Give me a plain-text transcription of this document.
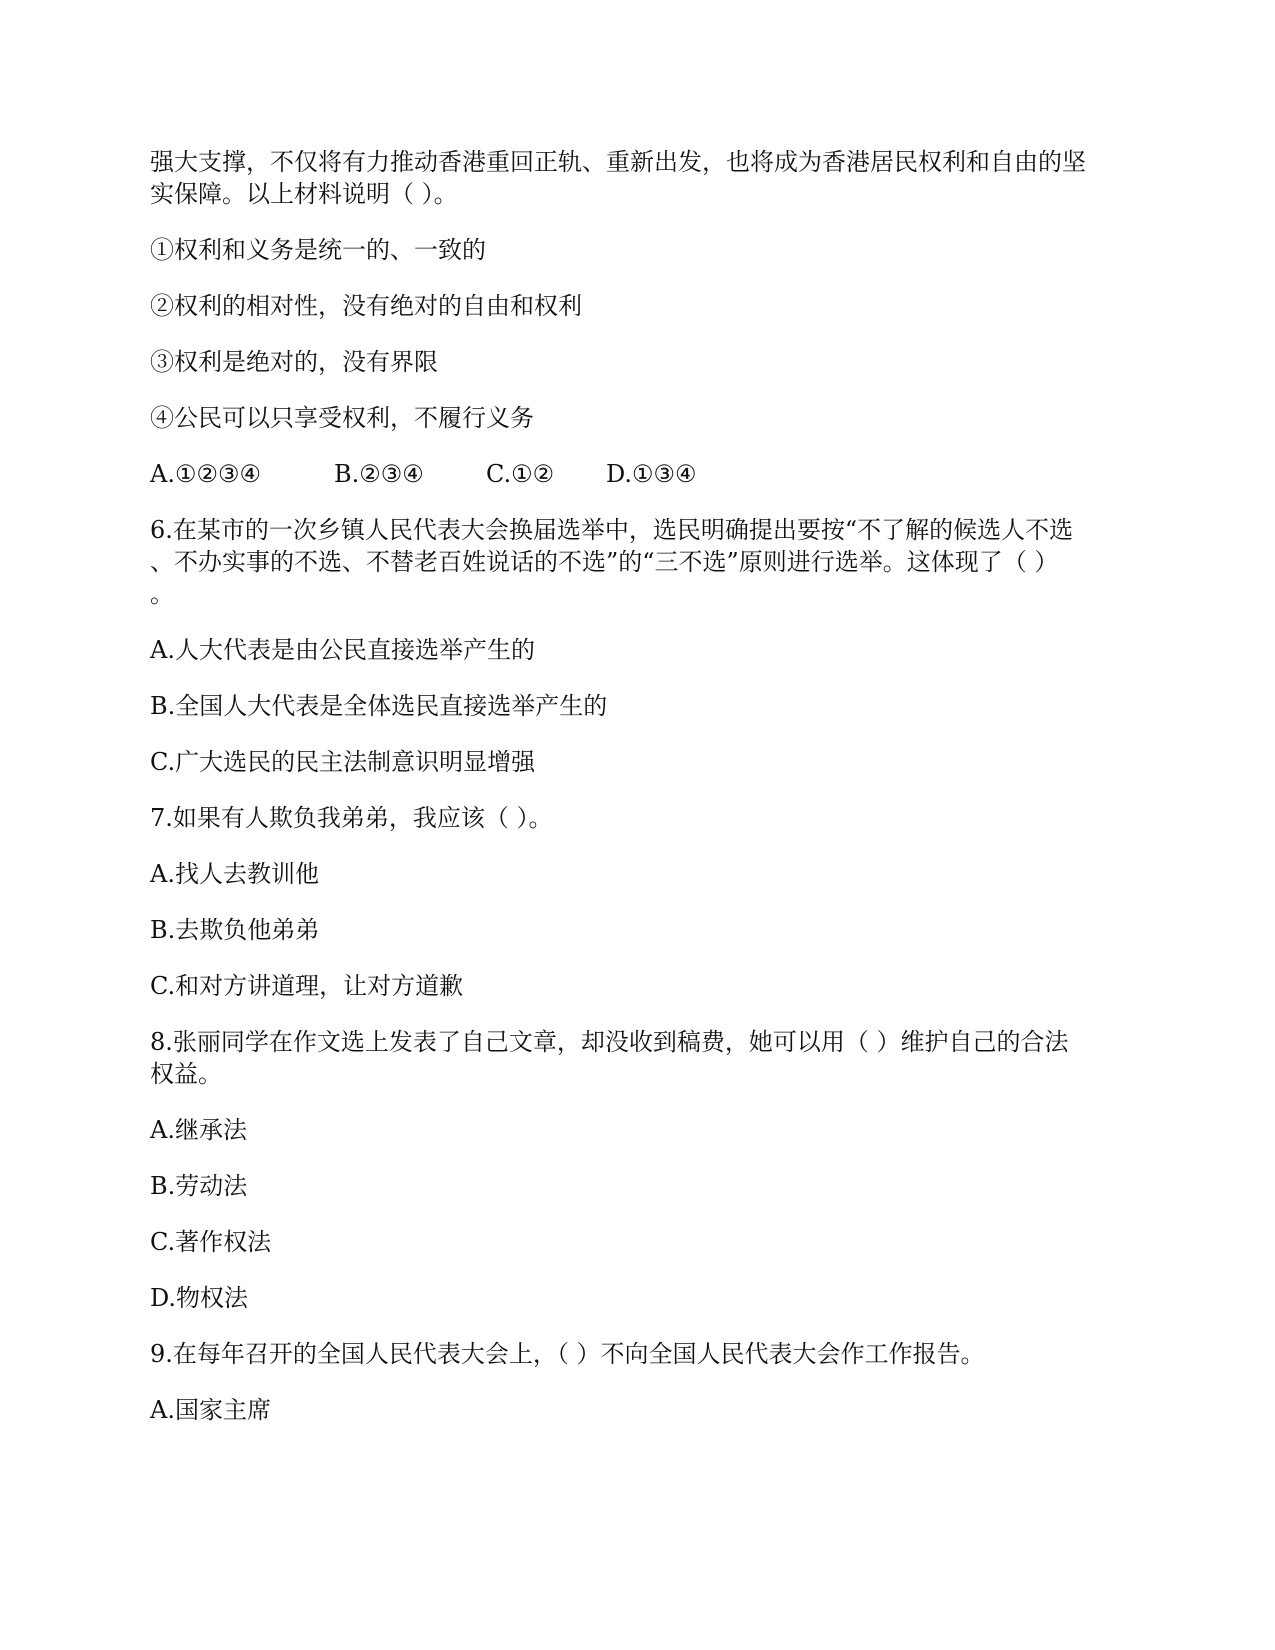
强大支撑，不仅将有力推动香港重回正轨、重新出发，也将成为香港居民权利和自由的坚
实保障。以上材料说明（ ）。
①权利和义务是统一的、一致的
②权利的相对性，没有绝对的自由和权利
③权利是绝对的，没有界限
④公民可以只享受权利，不履行义务
A.①②③④	B.②③④	C.①② D.①③④
6.在某市的一次乡镇人民代表大会换届选举中，选民明确提出要按“不了解的候选人不选
、不办实事的不选、不替老百姓说话的不选”的“三不选”原则进行选举。这体现了（ ）
。
A.人大代表是由公民直接选举产生的
B.全国人大代表是全体选民直接选举产生的
C.广大选民的民主法制意识明显增强
7.如果有人欺负我弟弟，我应该（ ）。
A.找人去教训他
B.去欺负他弟弟
C.和对方讲道理，让对方道歉
8.张丽同学在作文选上发表了自己文章，却没收到稿费，她可以用（ ）维护自己的合法
权益。
A.继承法
B.劳动法
C.著作权法
D.物权法
9.在每年召开的全国人民代表大会上，（ ）不向全国人民代表大会作工作报告。
A.国家主席
